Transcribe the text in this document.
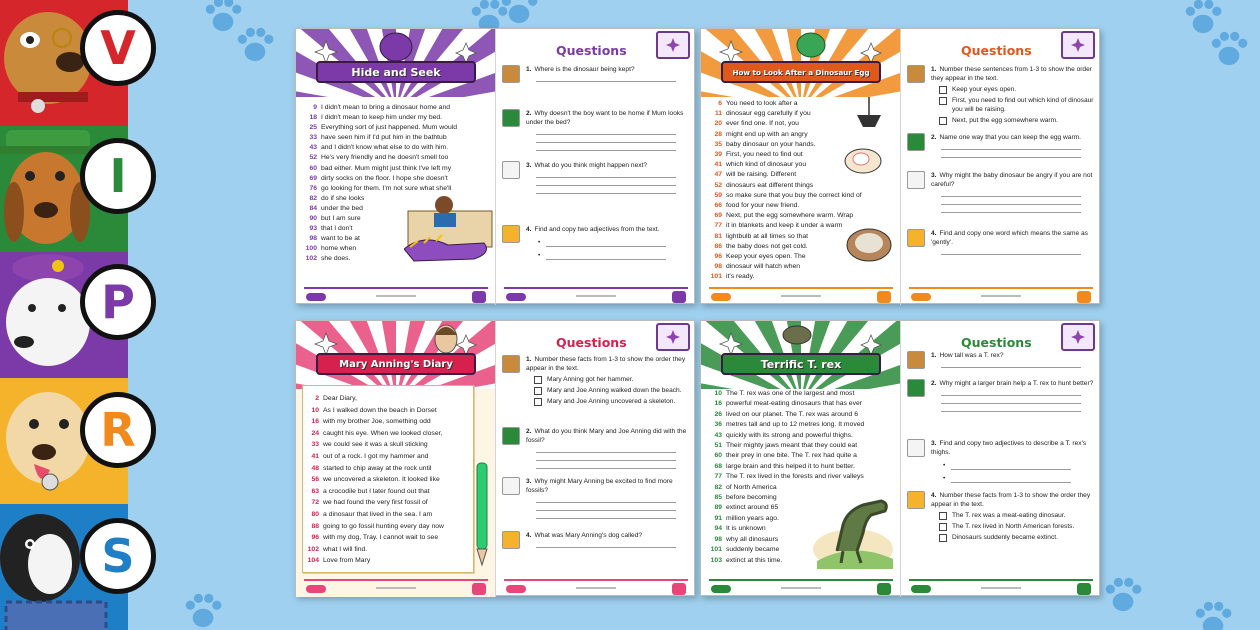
V
I
P
R
S
Hide and Seek
9 I didn't mean to bring a dinosaur home and
18 I didn't mean to keep him under my bed.
25 Everything sort of just happened. Mum would
33 have seen him if I'd put him in the bathtub
43 and I didn't know what else to do with him.
52 He's very friendly and he doesn't smell too
60 bad either. Mum might just think I've left my
69 dirty socks on the floor. I hope she doesn't
76 go looking for them. I'm not sure what she'll
82 do if she looks
84 under the bed
90 but I am sure
93 that I don't
98 want to be at
100 home when
102 she does.
Questions
1. Where is the dinosaur being kept?
2. Why doesn't the boy want to be home if Mum looks under the bed?
3. What do you think might happen next?
4. Find and copy two adjectives from the text.
•
•
How to Look After a Dinosaur Egg
6 You need to look after a
11 dinosaur egg carefully if you
20 ever find one. If not, you
28 might end up with an angry
35 baby dinosaur on your hands.
39 First, you need to find out
41 which kind of dinosaur you
47 will be raising. Different
52 dinosaurs eat different things
59 so make sure that you buy the correct kind of
66 food for your new friend.
69 Next, put the egg somewhere warm. Wrap
77 it in blankets and keep it under a warm
81 lightbulb at all times so that
86 the baby does not get cold.
96 Keep your eyes open. The
98 dinosaur will hatch when
101 it's ready.
Questions
1. Number these sentences from 1-3 to show the order they appear in the text.
Keep your eyes open.
First, you need to find out which kind of dinosaur you will be raising.
Next, put the egg somewhere warm.
2. Name one way that you can keep the egg warm.
3. Why might the baby dinosaur be angry if you are not careful?
4. Find and copy one word which means the same as 'gently'.
Mary Anning's Diary
2 Dear Diary,
10 As I walked down the beach in Dorset
16 with my brother Joe, something odd
24 caught his eye. When we looked closer,
33 we could see it was a skull sticking
41 out of a rock. I got my hammer and
48 started to chip away at the rock until
56 we uncovered a skeleton. It looked like
63 a crocodile but I later found out that
72 we had found the very first fossil of
80 a dinosaur that lived in the sea. I am
88 going to go fossil hunting every day now
96 with my dog, Tray. I cannot wait to see
102 what I will find.
104 Love from Mary
Questions
1. Number these facts from 1-3 to show the order they appear in the text.
Mary Anning got her hammer.
Mary and Joe Anning walked down the beach.
Mary and Joe Anning uncovered a skeleton.
2. What do you think Mary and Joe Anning did with the fossil?
3. Why might Mary Anning be excited to find more fossils?
4. What was Mary Anning's dog called?
Terrific T. rex
10 The T. rex was one of the largest and most
16 powerful meat-eating dinosaurs that has ever
26 lived on our planet. The T. rex was around 6
36 metres tall and up to 12 metres long. It moved
43 quickly with its strong and powerful thighs.
51 Their mighty jaws meant that they could eat
60 their prey in one bite. The T. rex had quite a
68 large brain and this helped it to hunt better.
77 The T. rex lived in the forests and river valleys
82 of North America
85 before becoming
89 extinct around 65
91 million years ago.
94 It is unknown
98 why all dinosaurs
101 suddenly became
103 extinct at this time.
Questions
1. How tall was a T. rex?
2. Why might a larger brain help a T. rex to hunt better?
3. Find and copy two adjectives to describe a T. rex's thighs.
•
•
4. Number these facts from 1-3 to show the order they appear in the text.
The T. rex was a meat-eating dinosaur.
The T. rex lived in North American forests.
Dinosaurs suddenly became extinct.
